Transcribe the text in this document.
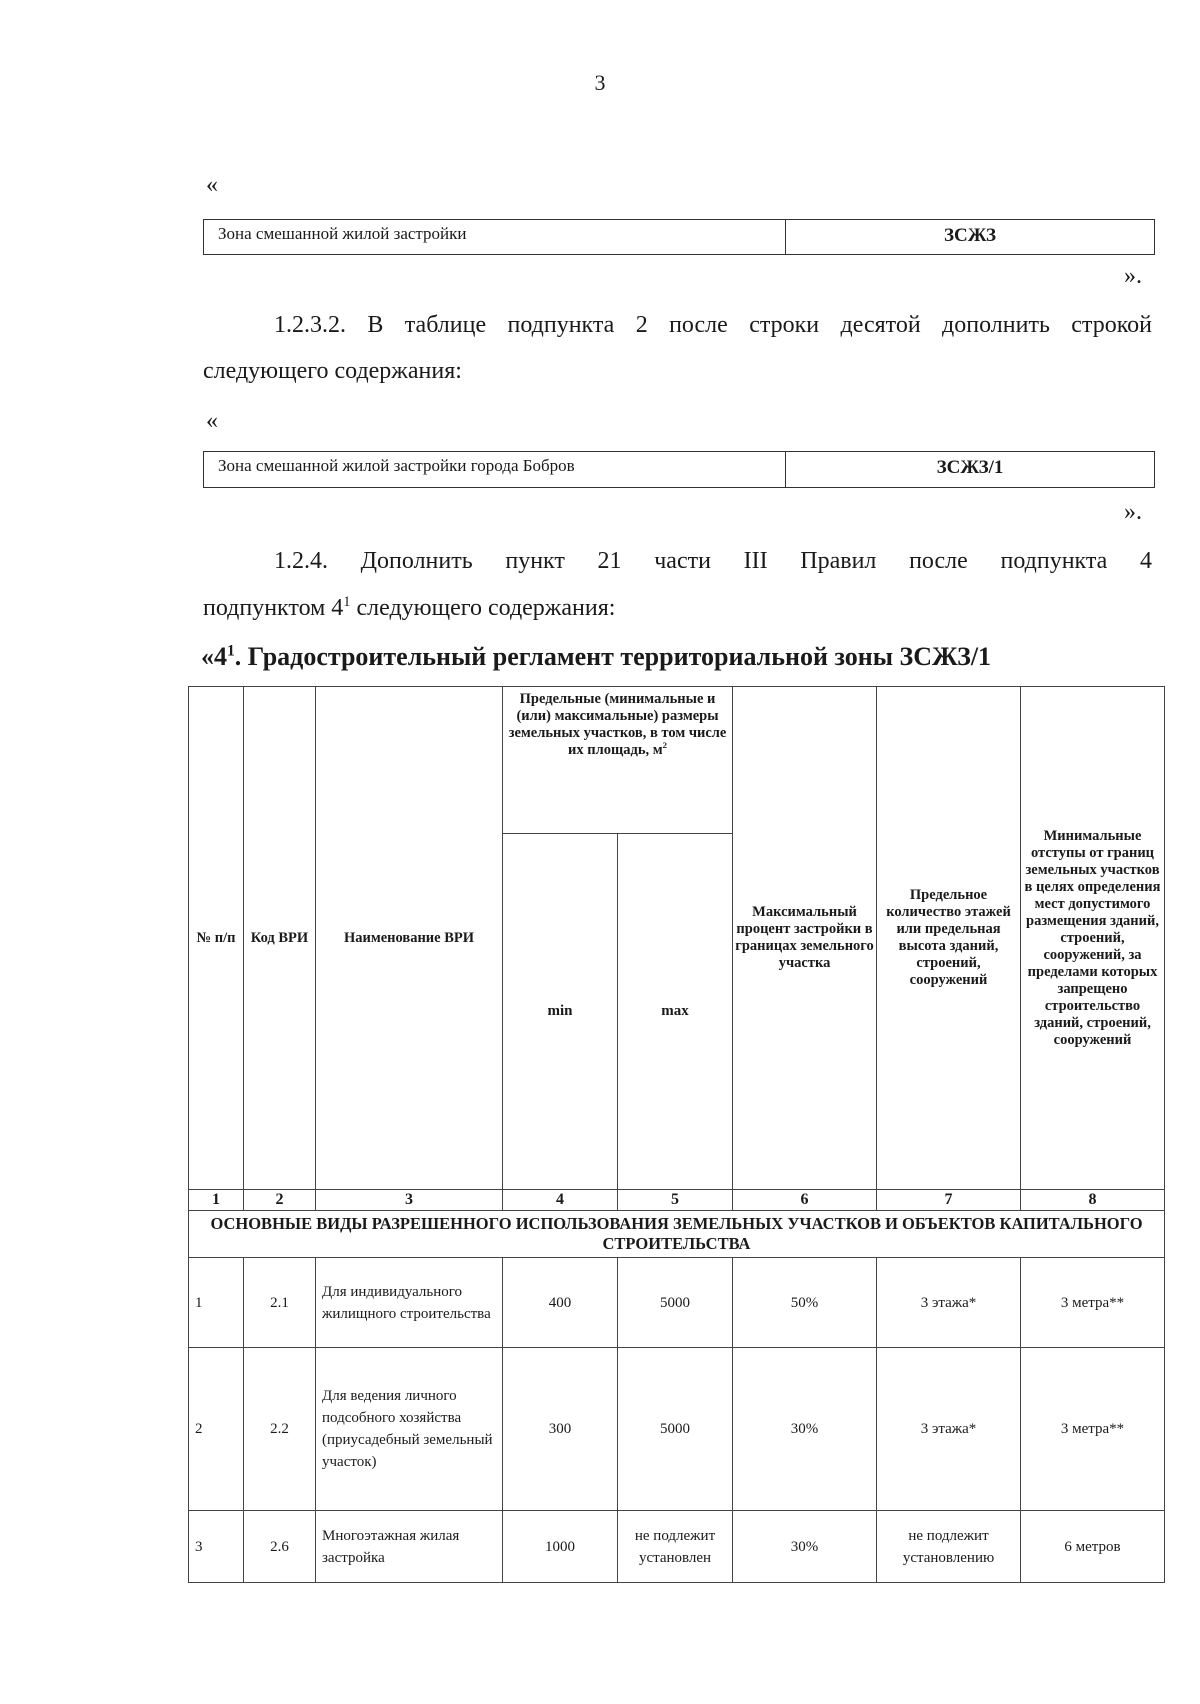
3
«
Зона смешанной жилой застройки	ЗСЖЗ
».
1.2.3.2. В таблице подпункта 2 после строки десятой дополнить строкой
следующего содержания:
«
Зона смешанной жилой застройки города Бобров	ЗСЖЗ/1
».
1.2.4. Дополнить пункт 21 части III Правил после подпункта 4
подпунктом $4^1$ следующего содержания:
«$4^1$. Градостроительный регламент территориальной зоны ЗСЖЗ/1
№ п/п	Код ВРИ	Наименование ВРИ	Предельные (минимальные и (или) максимальные) размеры земельных участков, в том числе их площадь, $м^2$		Максимальный процент застройки в границах земельного участка	Предельное количество этажей или предельная высота зданий, строений, сооружений	Минимальные отступы от границ земельных участков в целях определения мест допустимого размещения зданий, строений, сооружений, за пределами которых запрещено строительство зданий, строений, сооружений
			min	max			
1	2	3	4	5	6	7	8
ОСНОВНЫЕ ВИДЫ РАЗРЕШЕННОГО ИСПОЛЬЗОВАНИЯ ЗЕМЕЛЬНЫХ УЧАСТКОВ И ОБЪЕКТОВ КАПИТАЛЬНОГО СТРОИТЕЛЬСТВА							
1	2.1	Для индивидуального жилищного строительства	400	5000	50%	3 этажа*	3 метра**
2	2.2	Для ведения личного подсобного хозяйства (приусадебный земельный участок)	300	5000	30%	3 этажа*	3 метра**
3	2.6	Многоэтажная жилая застройка	1000	не подлежит установлен	30%	не подлежит установлению	6 метров
